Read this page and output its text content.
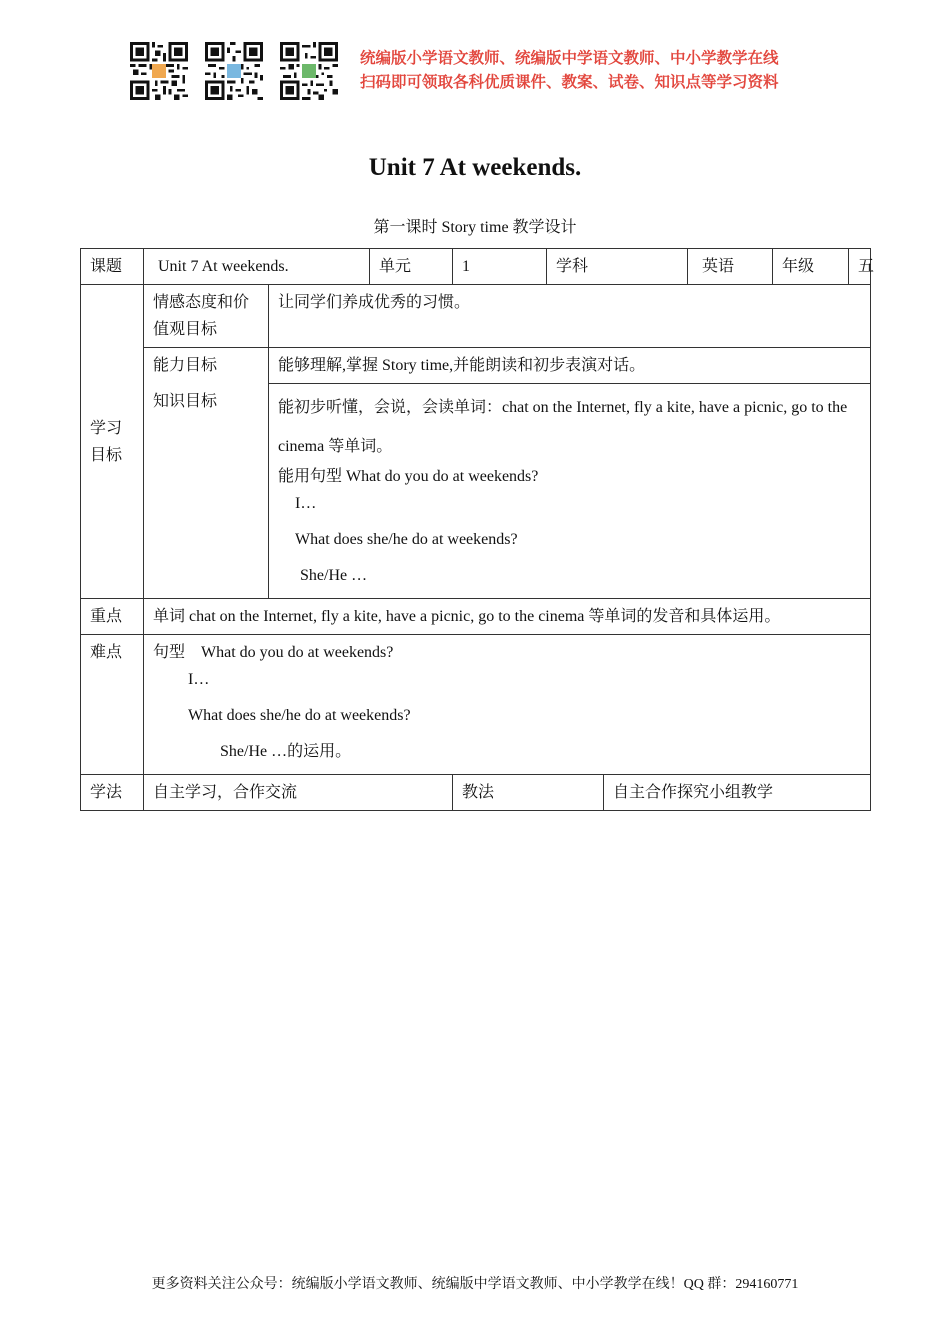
统编版小学语文教师、统编版中学语文教师、中小学教学在线
扫码即可领取各科优质课件、教案、试卷、知识点等学习资料
Unit 7 At weekends.
第一课时 Story time 教学设计
课题	Unit 7 At weekends.		单元	1	学科		英语	年级	五

学习
目标	情感态度和价值观目标	让同学们养成优秀的习惯。							
	能力目标	能够理解,掌握 Story time,并能朗读和初步表演对话。							
	知识目标	能初步听懂，会说，会读单词：chat on the Internet, fly a kite, have a picnic, go to the cinema 等单词。
能用句型 What do you do at weekends?
I…
What does she/he do at weekends?
She/He …							

重点	单词 chat on the Internet, fly a kite, have a picnic, go to the cinema 等单词的发音和具体运用。								
难点	句型　What do you do at weekends?
I…
What does she/he do at weekends?
She/He …的运用。								

学法	自主学习，合作交流			教法		自主合作探究小组教学			
更多资料关注公众号：统编版小学语文教师、统编版中学语文教师、中小学教学在线！QQ 群：294160771
